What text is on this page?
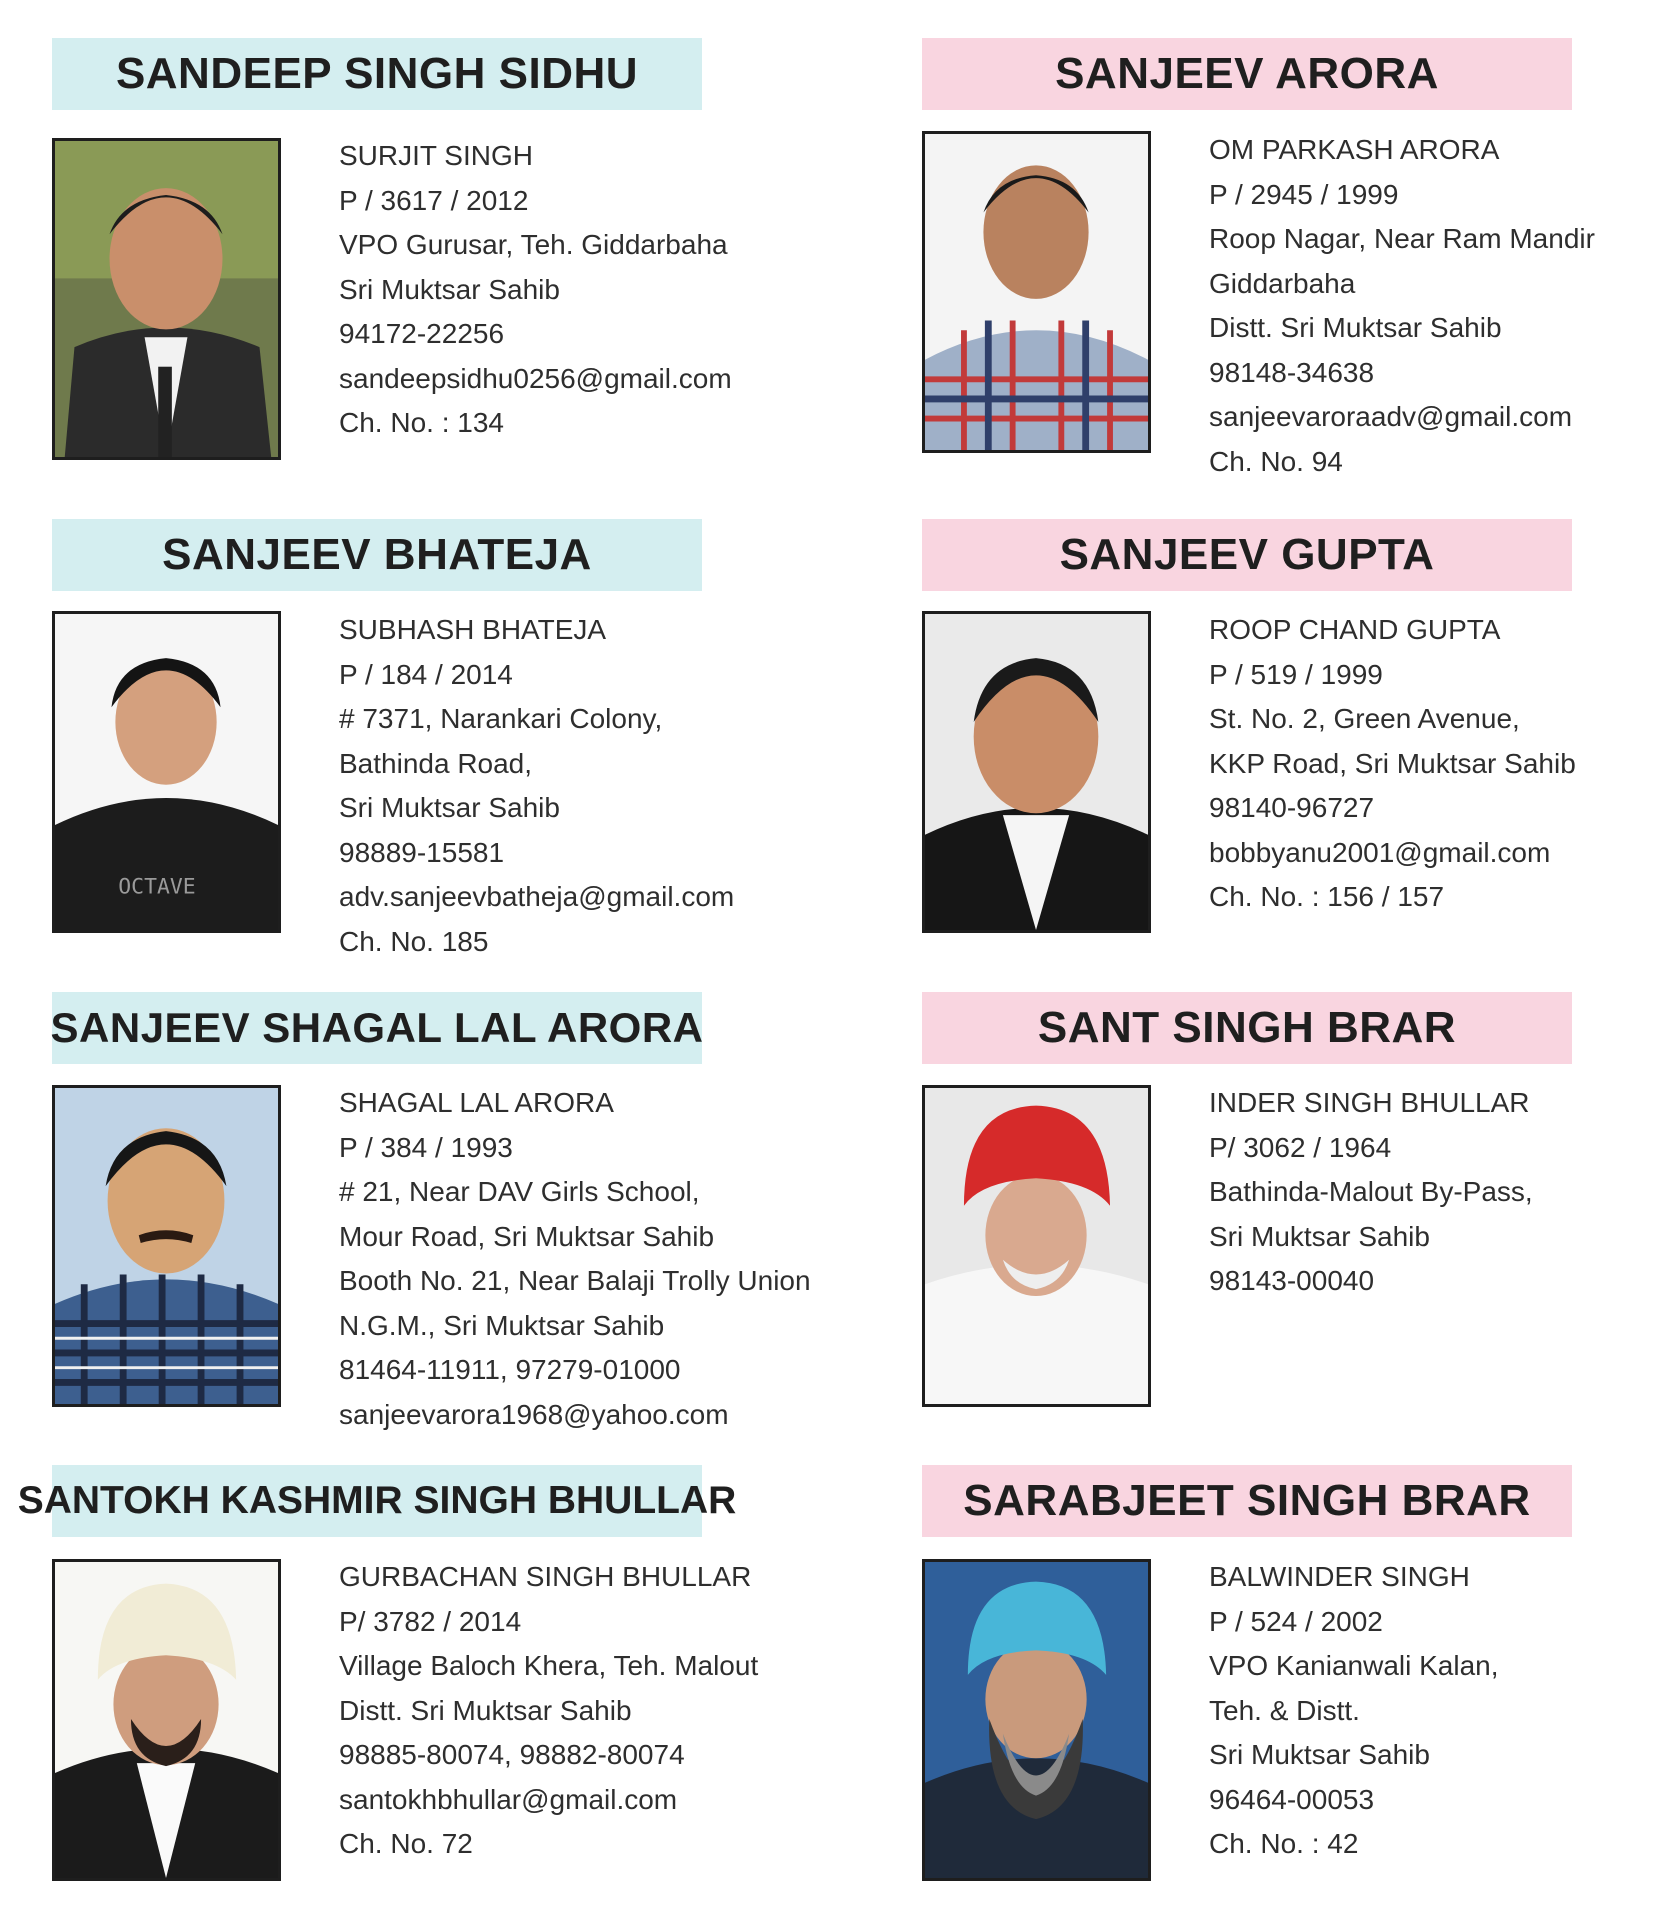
SANDEEP SINGH SIDHU
SURJIT SINGH
P / 3617 / 2012
VPO Gurusar, Teh. Giddarbaha
Sri Muktsar Sahib
94172-22256
sandeepsidhu0256@gmail.com
Ch. No. : 134
SANJEEV ARORA
OM PARKASH ARORA
P / 2945 / 1999
Roop Nagar, Near Ram Mandir
Giddarbaha
Distt. Sri Muktsar Sahib
98148-34638
sanjeevaroraadv@gmail.com
Ch. No. 94
SANJEEV BHATEJA
OCTAVE
SUBHASH BHATEJA
P / 184 / 2014
# 7371, Narankari Colony,
Bathinda Road,
Sri Muktsar Sahib
98889-15581
adv.sanjeevbatheja@gmail.com
Ch. No. 185
SANJEEV GUPTA
ROOP CHAND GUPTA
P / 519 / 1999
St. No. 2, Green Avenue,
KKP Road, Sri Muktsar Sahib
98140-96727
bobbyanu2001@gmail.com
Ch. No. : 156 / 157
SANJEEV SHAGAL LAL ARORA
SHAGAL LAL ARORA
P / 384 / 1993
# 21, Near DAV Girls School,
Mour Road, Sri Muktsar Sahib
Booth No. 21, Near Balaji Trolly Union
N.G.M., Sri Muktsar Sahib
81464-11911, 97279-01000
sanjeevarora1968@yahoo.com
SANT SINGH BRAR
INDER SINGH BHULLAR
P/ 3062 / 1964
Bathinda-Malout By-Pass,
Sri Muktsar Sahib
98143-00040
SANTOKH KASHMIR SINGH BHULLAR
GURBACHAN SINGH BHULLAR
P/ 3782 / 2014
Village Baloch Khera, Teh. Malout
Distt. Sri Muktsar Sahib
98885-80074, 98882-80074
santokhbhullar@gmail.com
Ch. No. 72
SARABJEET SINGH BRAR
BALWINDER SINGH
P / 524 / 2002
VPO Kanianwali Kalan,
Teh. & Distt.
Sri Muktsar Sahib
96464-00053
Ch. No. : 42
